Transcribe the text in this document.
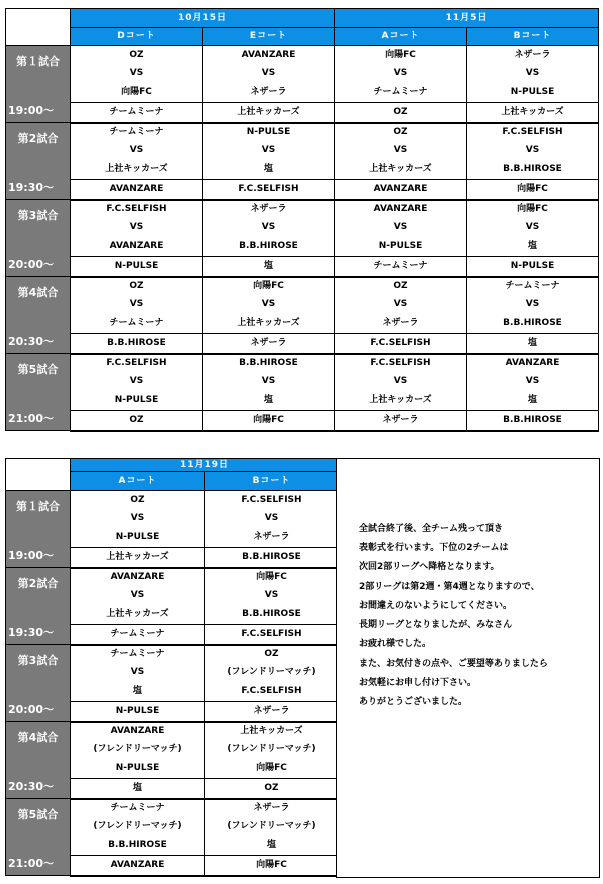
	10月15日		11月5日	
	Dコート	Eコート	Aコート	Bコート

第１試合
19:00～	OZ	AVANZARE	向陽FC	ネザーラ
	VS	VS	VS	VS
	向陽FC	ネザーラ	チームミーナ	N-PULSE
	チームミーナ	上社キッカーズ	OZ	上社キッカーズ

第2試合
19:30～	チームミーナ	N-PULSE	OZ	F.C.SELFISH
	VS	VS	VS	VS
	上社キッカーズ	塩	上社キッカーズ	B.B.HIROSE
	AVANZARE	F.C.SELFISH	AVANZARE	向陽FC

第3試合
20:00～	F.C.SELFISH	ネザーラ	AVANZARE	向陽FC
	VS	VS	VS	VS
	AVANZARE	B.B.HIROSE	N-PULSE	塩
	N-PULSE	塩	チームミーナ	N-PULSE

第4試合
20:30～	OZ	向陽FC	OZ	チームミーナ
	VS	VS	VS	VS
	チームミーナ	上社キッカーズ	ネザーラ	B.B.HIROSE
	B.B.HIROSE	ネザーラ	F.C.SELFISH	塩

第5試合
21:00～	F.C.SELFISH	B.B.HIROSE	F.C.SELFISH	AVANZARE
	VS	VS	VS	VS
	N-PULSE	塩	上社キッカーズ	塩
	OZ	向陽FC	ネザーラ	B.B.HIROSE
	11月19日	
	Aコート	Bコート

第１試合
19:00～	OZ	F.C.SELFISH
	VS	VS
	N-PULSE	ネザーラ
	上社キッカーズ	B.B.HIROSE

第2試合
19:30～	AVANZARE	向陽FC
	VS	VS
	上社キッカーズ	B.B.HIROSE
	チームミーナ	F.C.SELFISH

第3試合
20:00～	チームミーナ	OZ
	VS	(フレンドリーマッチ)
	塩	F.C.SELFISH
	N-PULSE	ネザーラ

第4試合
20:30～	AVANZARE	上社キッカーズ
	(フレンドリーマッチ)	(フレンドリーマッチ)
	N-PULSE	向陽FC
	塩	OZ

第5試合
21:00～	チームミーナ	ネザーラ
	(フレンドリーマッチ)	(フレンドリーマッチ)
	B.B.HIROSE	塩
	AVANZARE	向陽FC
全試合終了後、全チーム残って頂き
表彰式を行います。下位の2チームは
次回2部リーグへ降格となります。
2部リーグは第2週・第4週となりますので、
お間違えのないようにしてください。
長期リーグとなりましたが、みなさん
お疲れ様でした。
また、お気付きの点や、ご要望等ありましたら
お気軽にお申し付け下さい。
ありがとうございました。
